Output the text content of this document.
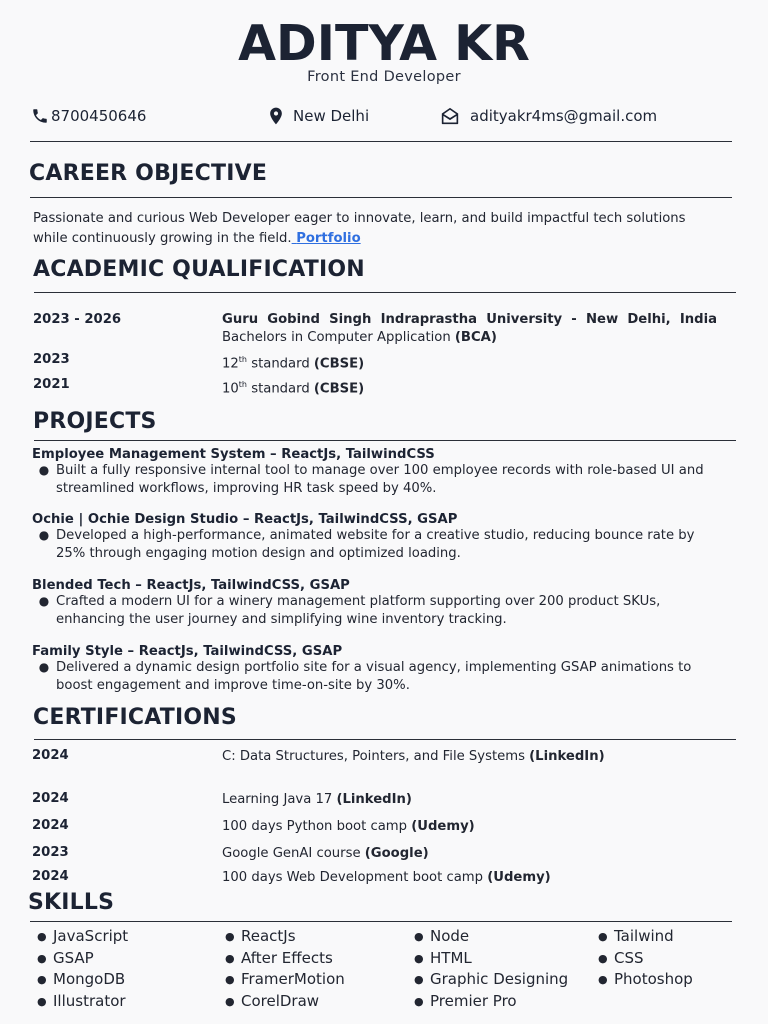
ADITYA KR
Front End Developer
8700450646	New Delhi	adityakr4ms@gmail.com
CAREER OBJECTIVE
Passionate and curious Web Developer eager to innovate, learn, and build impactful tech solutions
while continuously growing in the field. Portfolio
ACADEMIC QUALIFICATION
2023 - 2026	Guru Gobind Singh Indraprastha University - New Delhi, India
Bachelors in Computer Application (BCA)
2023	12th standard (CBSE)
2021	10th standard (CBSE)
PROJECTS
Employee Management System – ReactJs, TailwindCSS
● Built a fully responsive internal tool to manage over 100 employee records with role-based UI and
streamlined workflows, improving HR task speed by 40%.
Ochie | Ochie Design Studio – ReactJs, TailwindCSS, GSAP
● Developed a high-performance, animated website for a creative studio, reducing bounce rate by
25% through engaging motion design and optimized loading.
Blended Tech – ReactJs, TailwindCSS, GSAP
● Crafted a modern UI for a winery management platform supporting over 200 product SKUs,
enhancing the user journey and simplifying wine inventory tracking.
Family Style – ReactJs, TailwindCSS, GSAP
● Delivered a dynamic design portfolio site for a visual agency, implementing GSAP animations to
boost engagement and improve time-on-site by 30%.
CERTIFICATIONS
2024	C: Data Structures, Pointers, and File Systems (LinkedIn)
2024	Learning Java 17 (LinkedIn)
2024	100 days Python boot camp (Udemy)
2023	Google GenAI course (Google)
2024	100 days Web Development boot camp (Udemy)
SKILLS
● JavaScript
● GSAP
● MongoDB
● Illustrator
● ReactJs
● After Effects
● FramerMotion
● CorelDraw
● Node
● HTML
● Graphic Designing
● Premier Pro
● Tailwind
● CSS
● Photoshop
